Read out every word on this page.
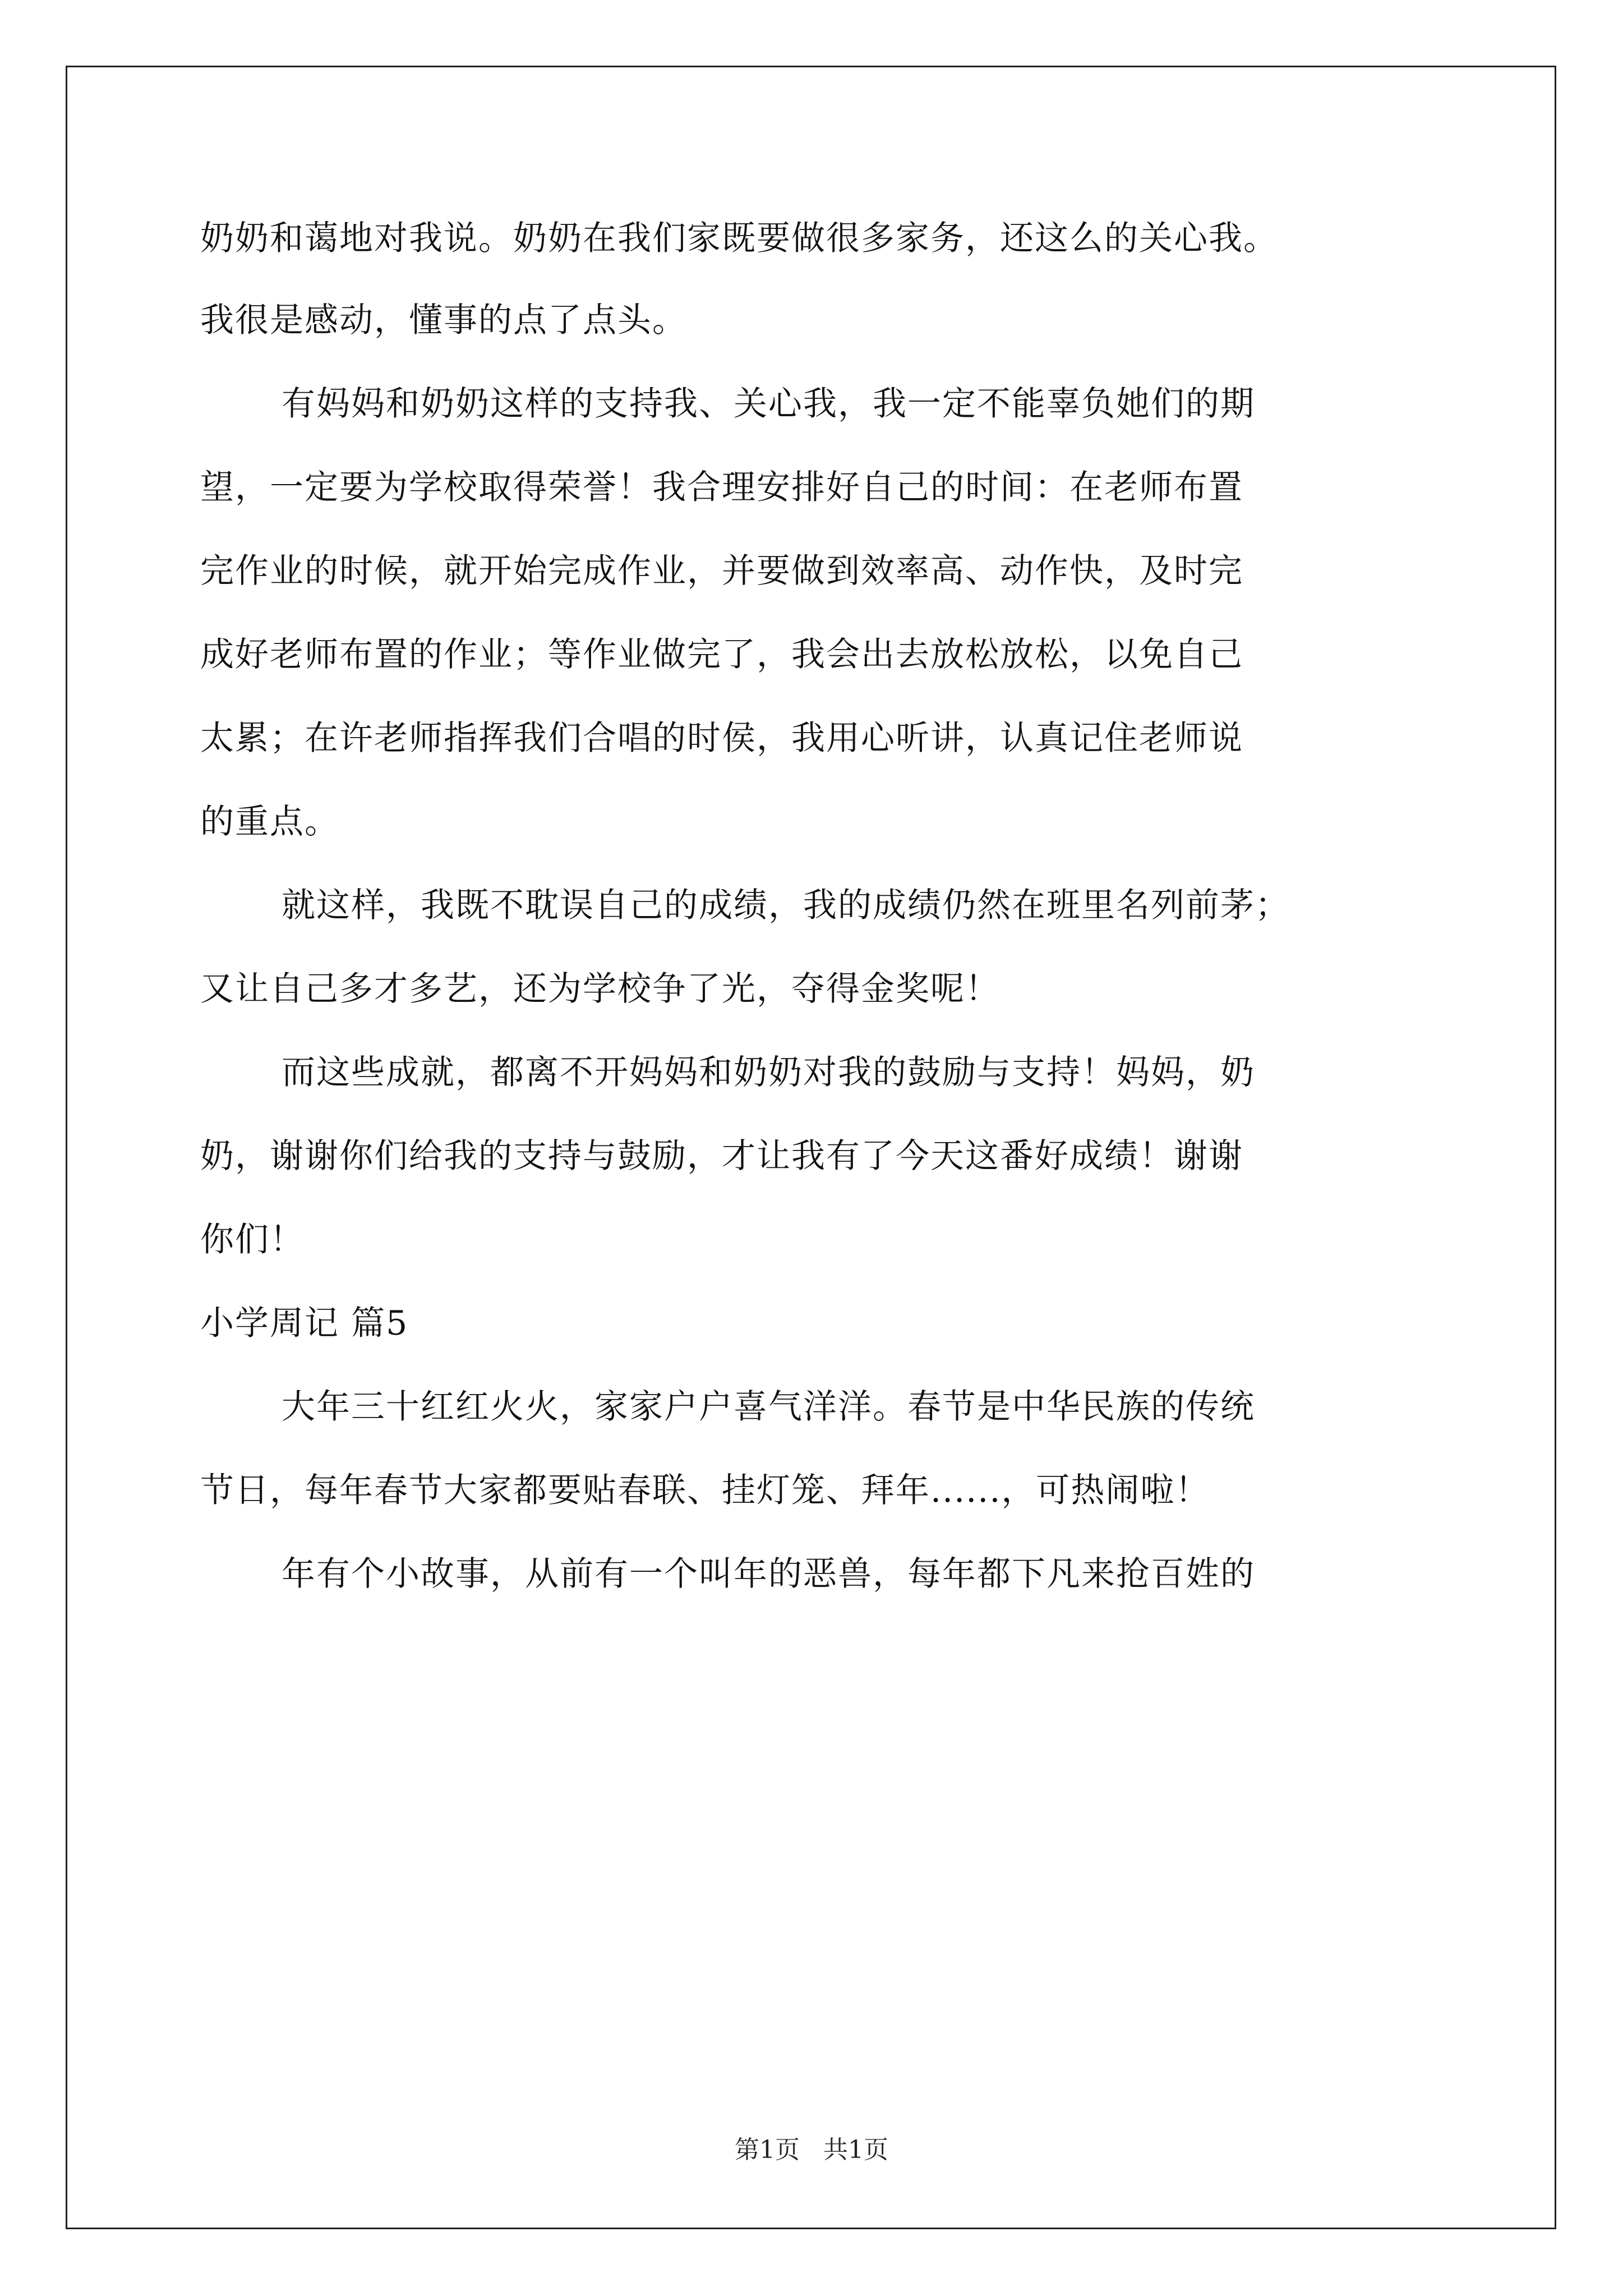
奶奶和蔼地对我说。奶奶在我们家既要做很多家务，还这么的关心我。
我很是感动，懂事的点了点头。
有妈妈和奶奶这样的支持我、关心我，我一定不能辜负她们的期
望，一定要为学校取得荣誉！我合理安排好自己的时间：在老师布置
完作业的时候，就开始完成作业，并要做到效率高、动作快，及时完
成好老师布置的作业；等作业做完了，我会出去放松放松，以免自己
太累；在许老师指挥我们合唱的时侯，我用心听讲，认真记住老师说
的重点。
就这样，我既不耽误自己的成绩，我的成绩仍然在班里名列前茅；
又让自己多才多艺，还为学校争了光，夺得金奖呢！
而这些成就，都离不开妈妈和奶奶对我的鼓励与支持！妈妈，奶
奶，谢谢你们给我的支持与鼓励，才让我有了今天这番好成绩！谢谢
你们！
小学周记 篇5
大年三十红红火火，家家户户喜气洋洋。春节是中华民族的传统
节日，每年春节大家都要贴春联、挂灯笼、拜年......，可热闹啦！
年有个小故事，从前有一个叫年的恶兽，每年都下凡来抢百姓的
第1页   共1页
